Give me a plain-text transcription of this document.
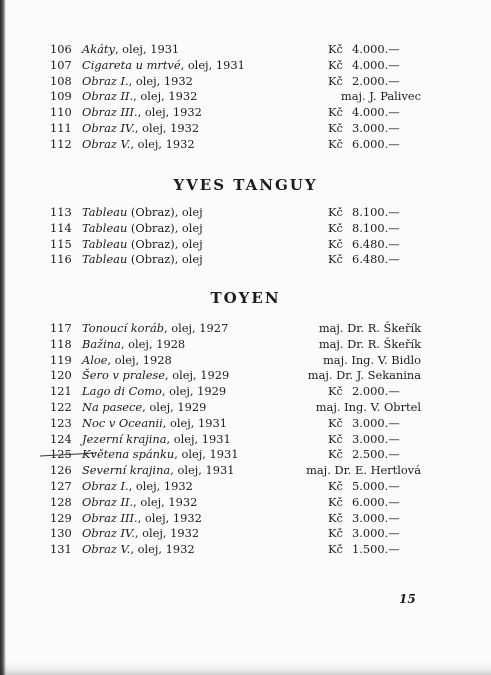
106 Akáty, olej, 1931	Kč 4.000.—
107 Cigareta u mrtvé, olej, 1931	Kč 4.000.—
108 Obraz I., olej, 1932	Kč 2.000.—
109 Obraz II., olej, 1932	maj. J. Palivec
110 Obraz III., olej, 1932	Kč 4.000.—
111 Obraz IV., olej, 1932	Kč 3.000.—
112 Obraz V., olej, 1932	Kč 6.000.—
YVES TANGUY
113 Tableau (Obraz), olej	Kč 8.100.—
114 Tableau (Obraz), olej	Kč 8.100.—
115 Tableau (Obraz), olej	Kč 6.480.—
116 Tableau (Obraz), olej	Kč 6.480.—
TOYEN
117 Tonoucí koráb, olej, 1927	maj. Dr. R. Škeřík
118 Bažina, olej, 1928	maj. Dr. R. Škeřík
119 Aloe, olej, 1928	maj. Ing. V. Bidlo
120 Šero v pralese, olej, 1929	maj. Dr. J. Sekanina
121 Lago di Como, olej, 1929	Kč 2.000.—
122 Na pasece, olej, 1929	maj. Ing. V. Obrtel
123 Noc v Oceanii, olej, 1931	Kč 3.000.—
124 Jezerní krajina, olej, 1931	Kč 3.000.—
Květena spánku, olej, 1931	Kč 2.500.—
126 Severní krajina, olej, 1931	maj. Dr. E. Hertlová
127 Obraz I., olej, 1932	Kč 5.000.—
128 Obraz II., olej, 1932	Kč 6.000.—
129 Obraz III., olej, 1932	Kč 3.000.—
130 Obraz IV., olej, 1932	Kč 3.000.—
131 Obraz V., olej, 1932	Kč 1.500.—
15
